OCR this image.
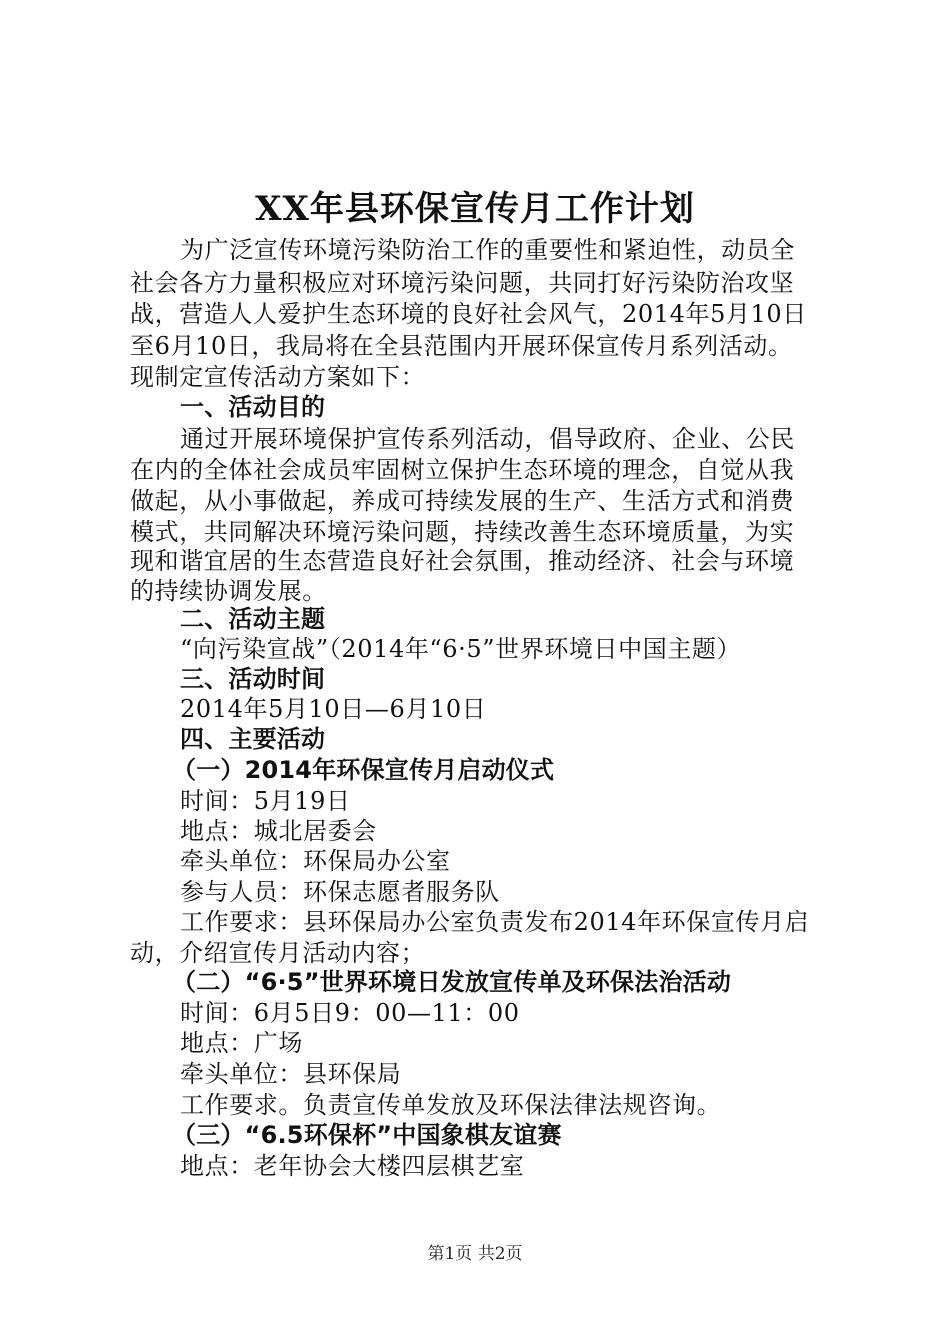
XX年县环保宣传月工作计划
为广泛宣传环境污染防治工作的重要性和紧迫性，动员全
社会各方力量积极应对环境污染问题，共同打好污染防治攻坚
战，营造人人爱护生态环境的良好社会风气，2014年5月10日
至6月10日，我局将在全县范围内开展环保宣传月系列活动。
现制定宣传活动方案如下：
一、活动目的
通过开展环境保护宣传系列活动，倡导政府、企业、公民
在内的全体社会成员牢固树立保护生态环境的理念，自觉从我
做起，从小事做起，养成可持续发展的生产、生活方式和消费
模式，共同解决环境污染问题，持续改善生态环境质量，为实
现和谐宜居的生态营造良好社会氛围，推动经济、社会与环境
的持续协调发展。
二、活动主题
“向污染宣战”（2014年“6·5”世界环境日中国主题）
三、活动时间
2014年5月10日—6月10日
四、主要活动
（一）2014年环保宣传月启动仪式
时间：5月19日
地点：城北居委会
牵头单位：环保局办公室
参与人员：环保志愿者服务队
工作要求：县环保局办公室负责发布2014年环保宣传月启
动，介绍宣传月活动内容；
（二）“6·5”世界环境日发放宣传单及环保法治活动
时间：6月5日9：00—11：00
地点：广场
牵头单位：县环保局
工作要求。负责宣传单发放及环保法律法规咨询。
（三）“6.5环保杯”中国象棋友谊赛
地点：老年协会大楼四层棋艺室
第1页 共2页
